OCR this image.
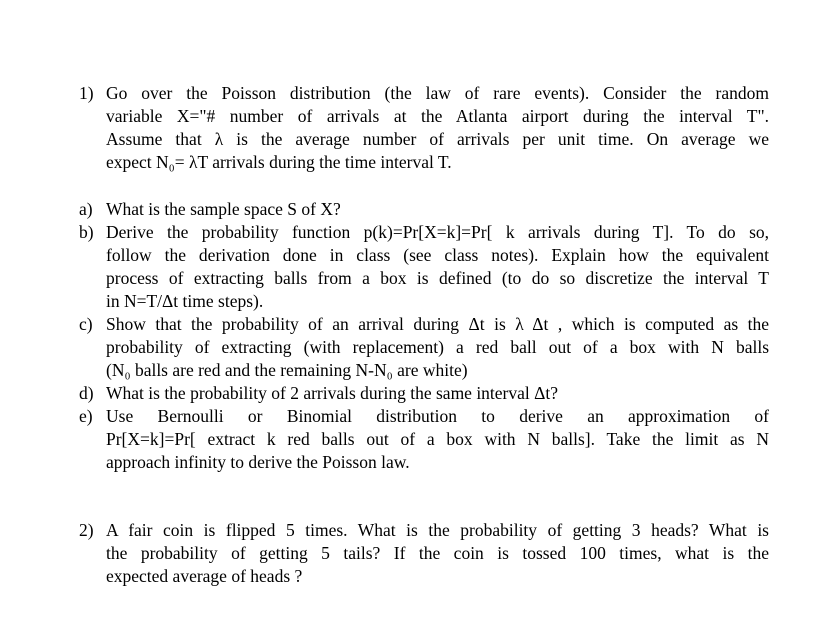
1) Go over the Poisson distribution (the law of rare events). Consider the random
variable X="# number of arrivals at the Atlanta airport during the interval T".
Assume that λ is the average number of arrivals per unit time. On average we
expect N₀= λT arrivals during the time interval T.
a) What is the sample space S of X?
b) Derive the probability function p(k)=Pr[X=k]=Pr[ k arrivals during T]. To do so,
follow the derivation done in class (see class notes). Explain how the equivalent
process of extracting balls from a box is defined (to do so discretize the interval T
in N=T/Δt time steps).
c) Show that the probability of an arrival during Δt is λ Δt , which is computed as the
probability of extracting (with replacement) a red ball out of a box with N balls
(N₀ balls are red and the remaining N-N₀ are white)
d) What is the probability of 2 arrivals during the same interval Δt?
e) Use Bernoulli or Binomial distribution to derive an approximation of
Pr[X=k]=Pr[ extract k red balls out of a box with N balls]. Take the limit as N
approach infinity to derive the Poisson law.
2) A fair coin is flipped 5 times. What is the probability of getting 3 heads? What is
the probability of getting 5 tails? If the coin is tossed 100 times, what is the
expected average of heads ?
